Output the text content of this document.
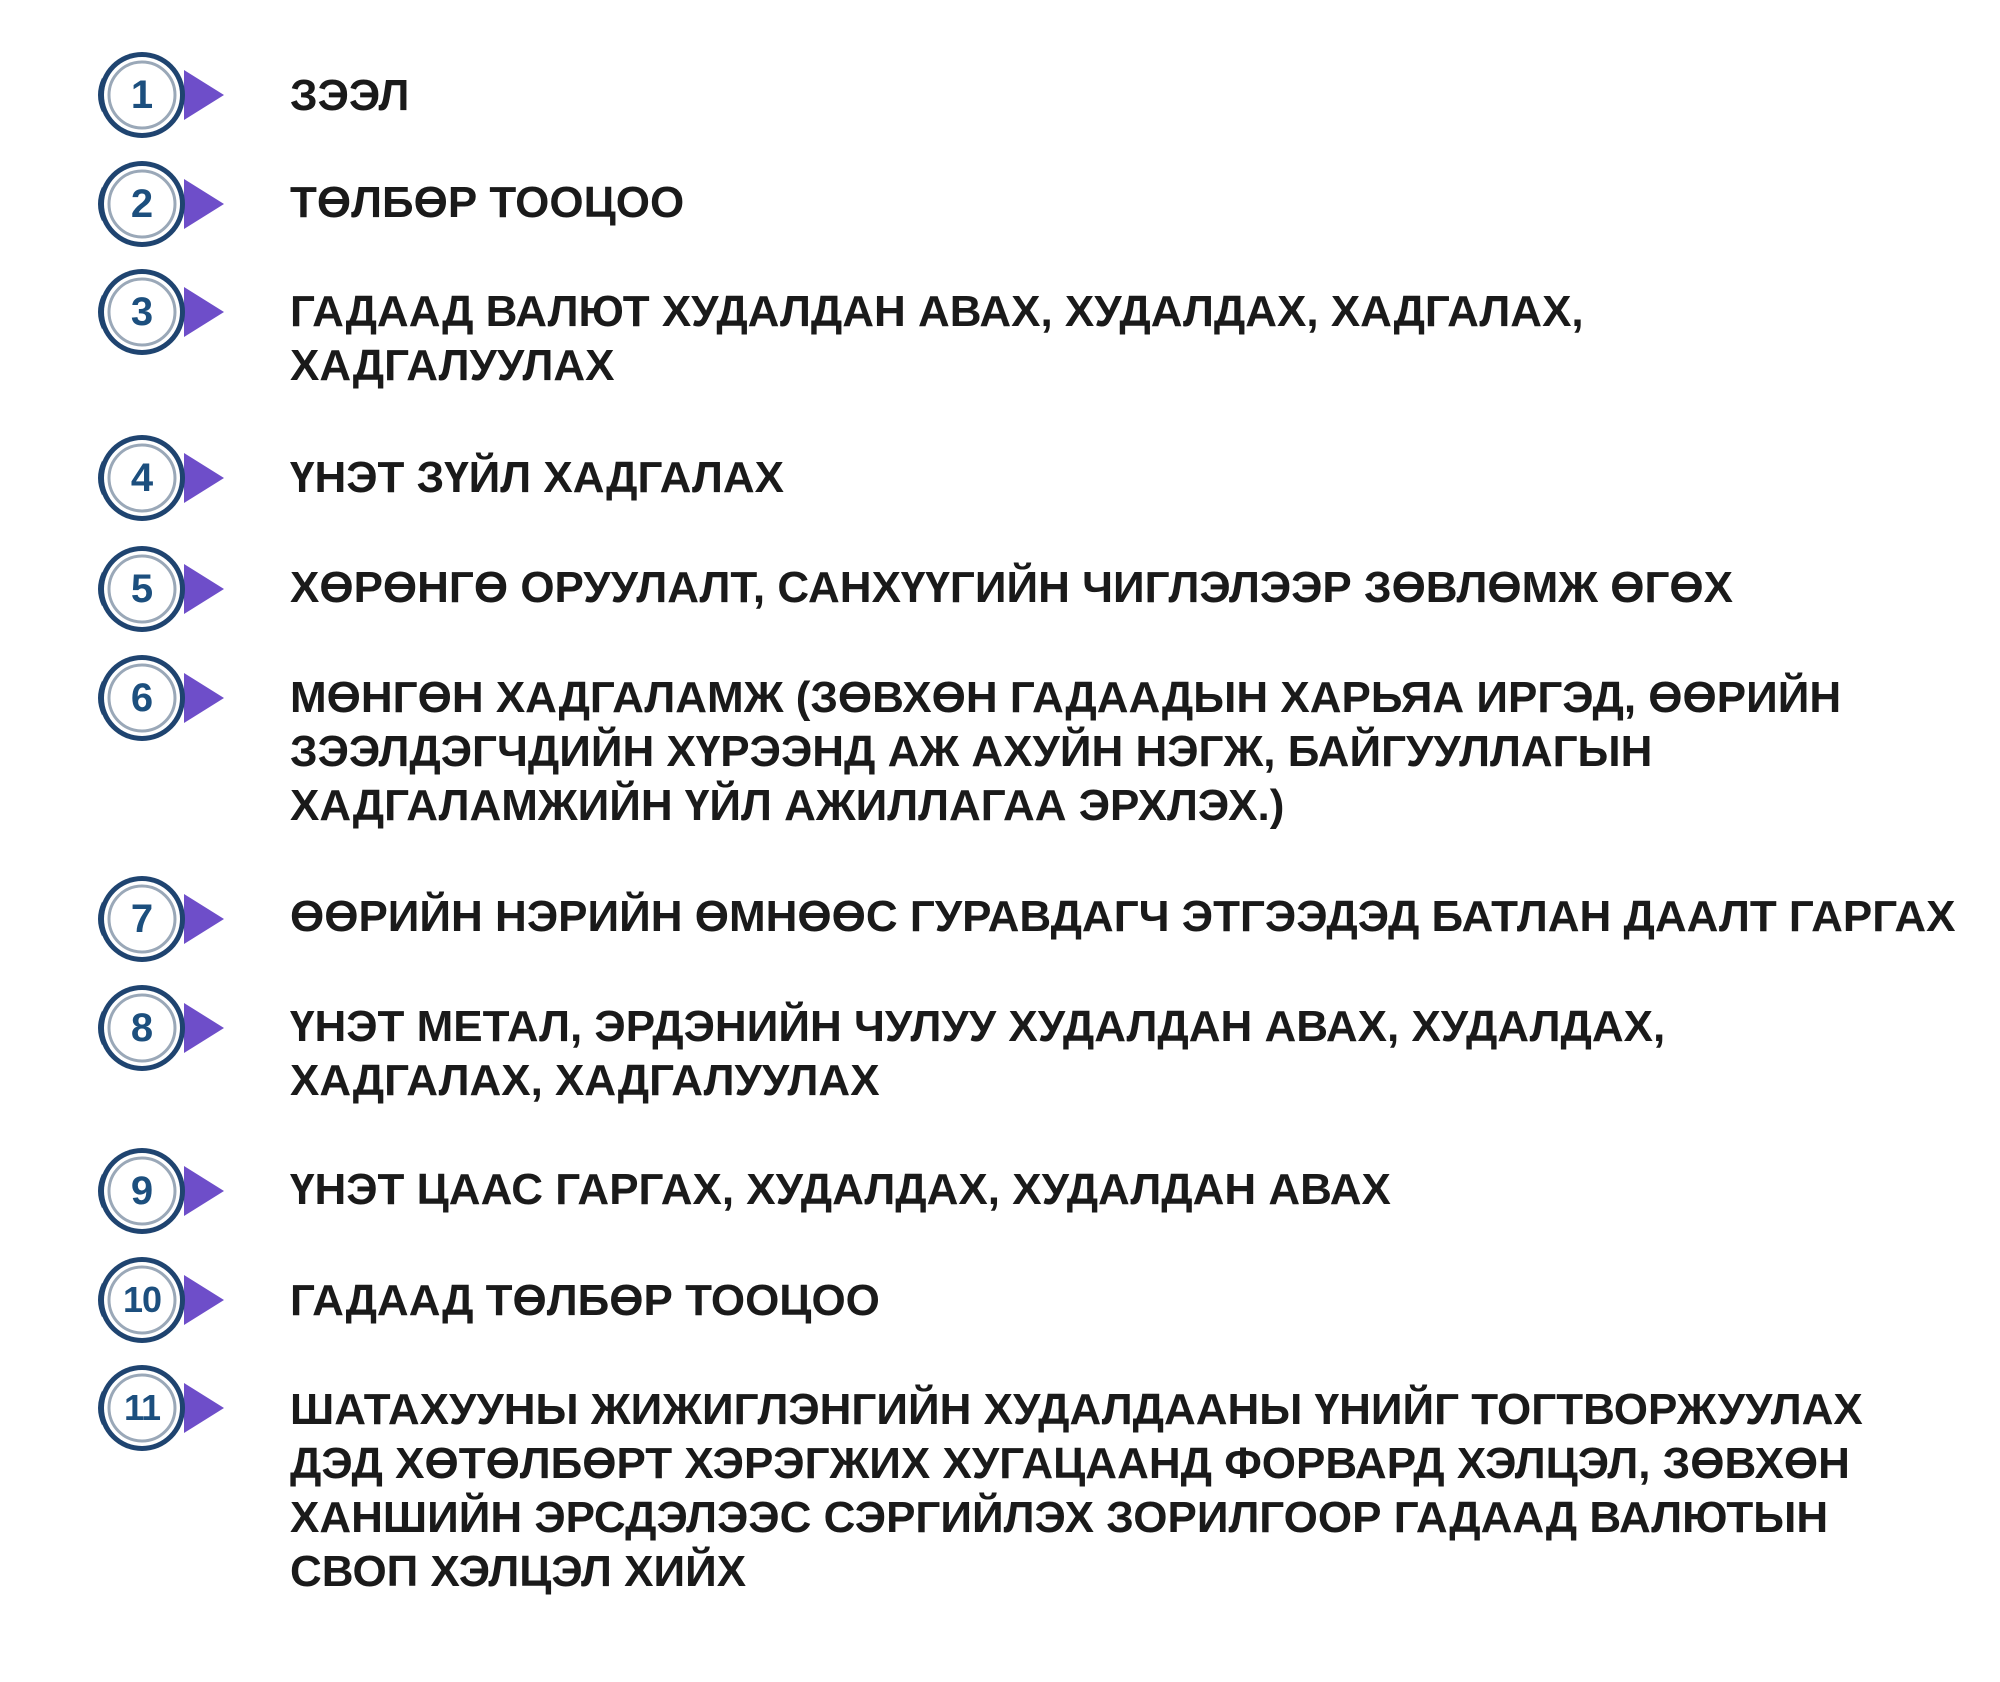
1	ЗЭЭЛ
2	ТӨЛБӨР ТООЦОО
3	ГАДААД ВАЛЮТ ХУДАЛДАН АВАХ, ХУДАЛДАХ, ХАДГАЛАХ,
ХАДГАЛУУЛАХ
4	ҮНЭТ ЗҮЙЛ ХАДГАЛАХ
5	ХӨРӨНГӨ ОРУУЛАЛТ, САНХҮҮГИЙН ЧИГЛЭЛЭЭР ЗӨВЛӨМЖ ӨГӨХ
6	МӨНГӨН ХАДГАЛАМЖ (ЗӨВХӨН ГАДААДЫН ХАРЬЯА ИРГЭД, ӨӨРИЙН
ЗЭЭЛДЭГЧДИЙН ХҮРЭЭНД АЖ АХУЙН НЭГЖ, БАЙГУУЛЛАГЫН
ХАДГАЛАМЖИЙН ҮЙЛ АЖИЛЛАГАА ЭРХЛЭХ.)
7	ӨӨРИЙН НЭРИЙН ӨМНӨӨС ГУРАВДАГЧ ЭТГЭЭДЭД БАТЛАН ДААЛТ ГАРГАХ
8	ҮНЭТ МЕТАЛ, ЭРДЭНИЙН ЧУЛУУ ХУДАЛДАН АВАХ, ХУДАЛДАХ,
ХАДГАЛАХ, ХАДГАЛУУЛАХ
9	ҮНЭТ ЦААС ГАРГАХ, ХУДАЛДАХ, ХУДАЛДАН АВАХ
10	ГАДААД ТӨЛБӨР ТООЦОО
11	ШАТАХУУНЫ ЖИЖИГЛЭНГИЙН ХУДАЛДААНЫ ҮНИЙГ ТОГТВОРЖУУЛАХ
ДЭД ХӨТӨЛБӨРТ ХЭРЭГЖИХ ХУГАЦААНД ФОРВАРД ХЭЛЦЭЛ, ЗӨВХӨН
ХАНШИЙН ЭРСДЭЛЭЭС СЭРГИЙЛЭХ ЗОРИЛГООР ГАДААД ВАЛЮТЫН
СВОП ХЭЛЦЭЛ ХИЙХ
